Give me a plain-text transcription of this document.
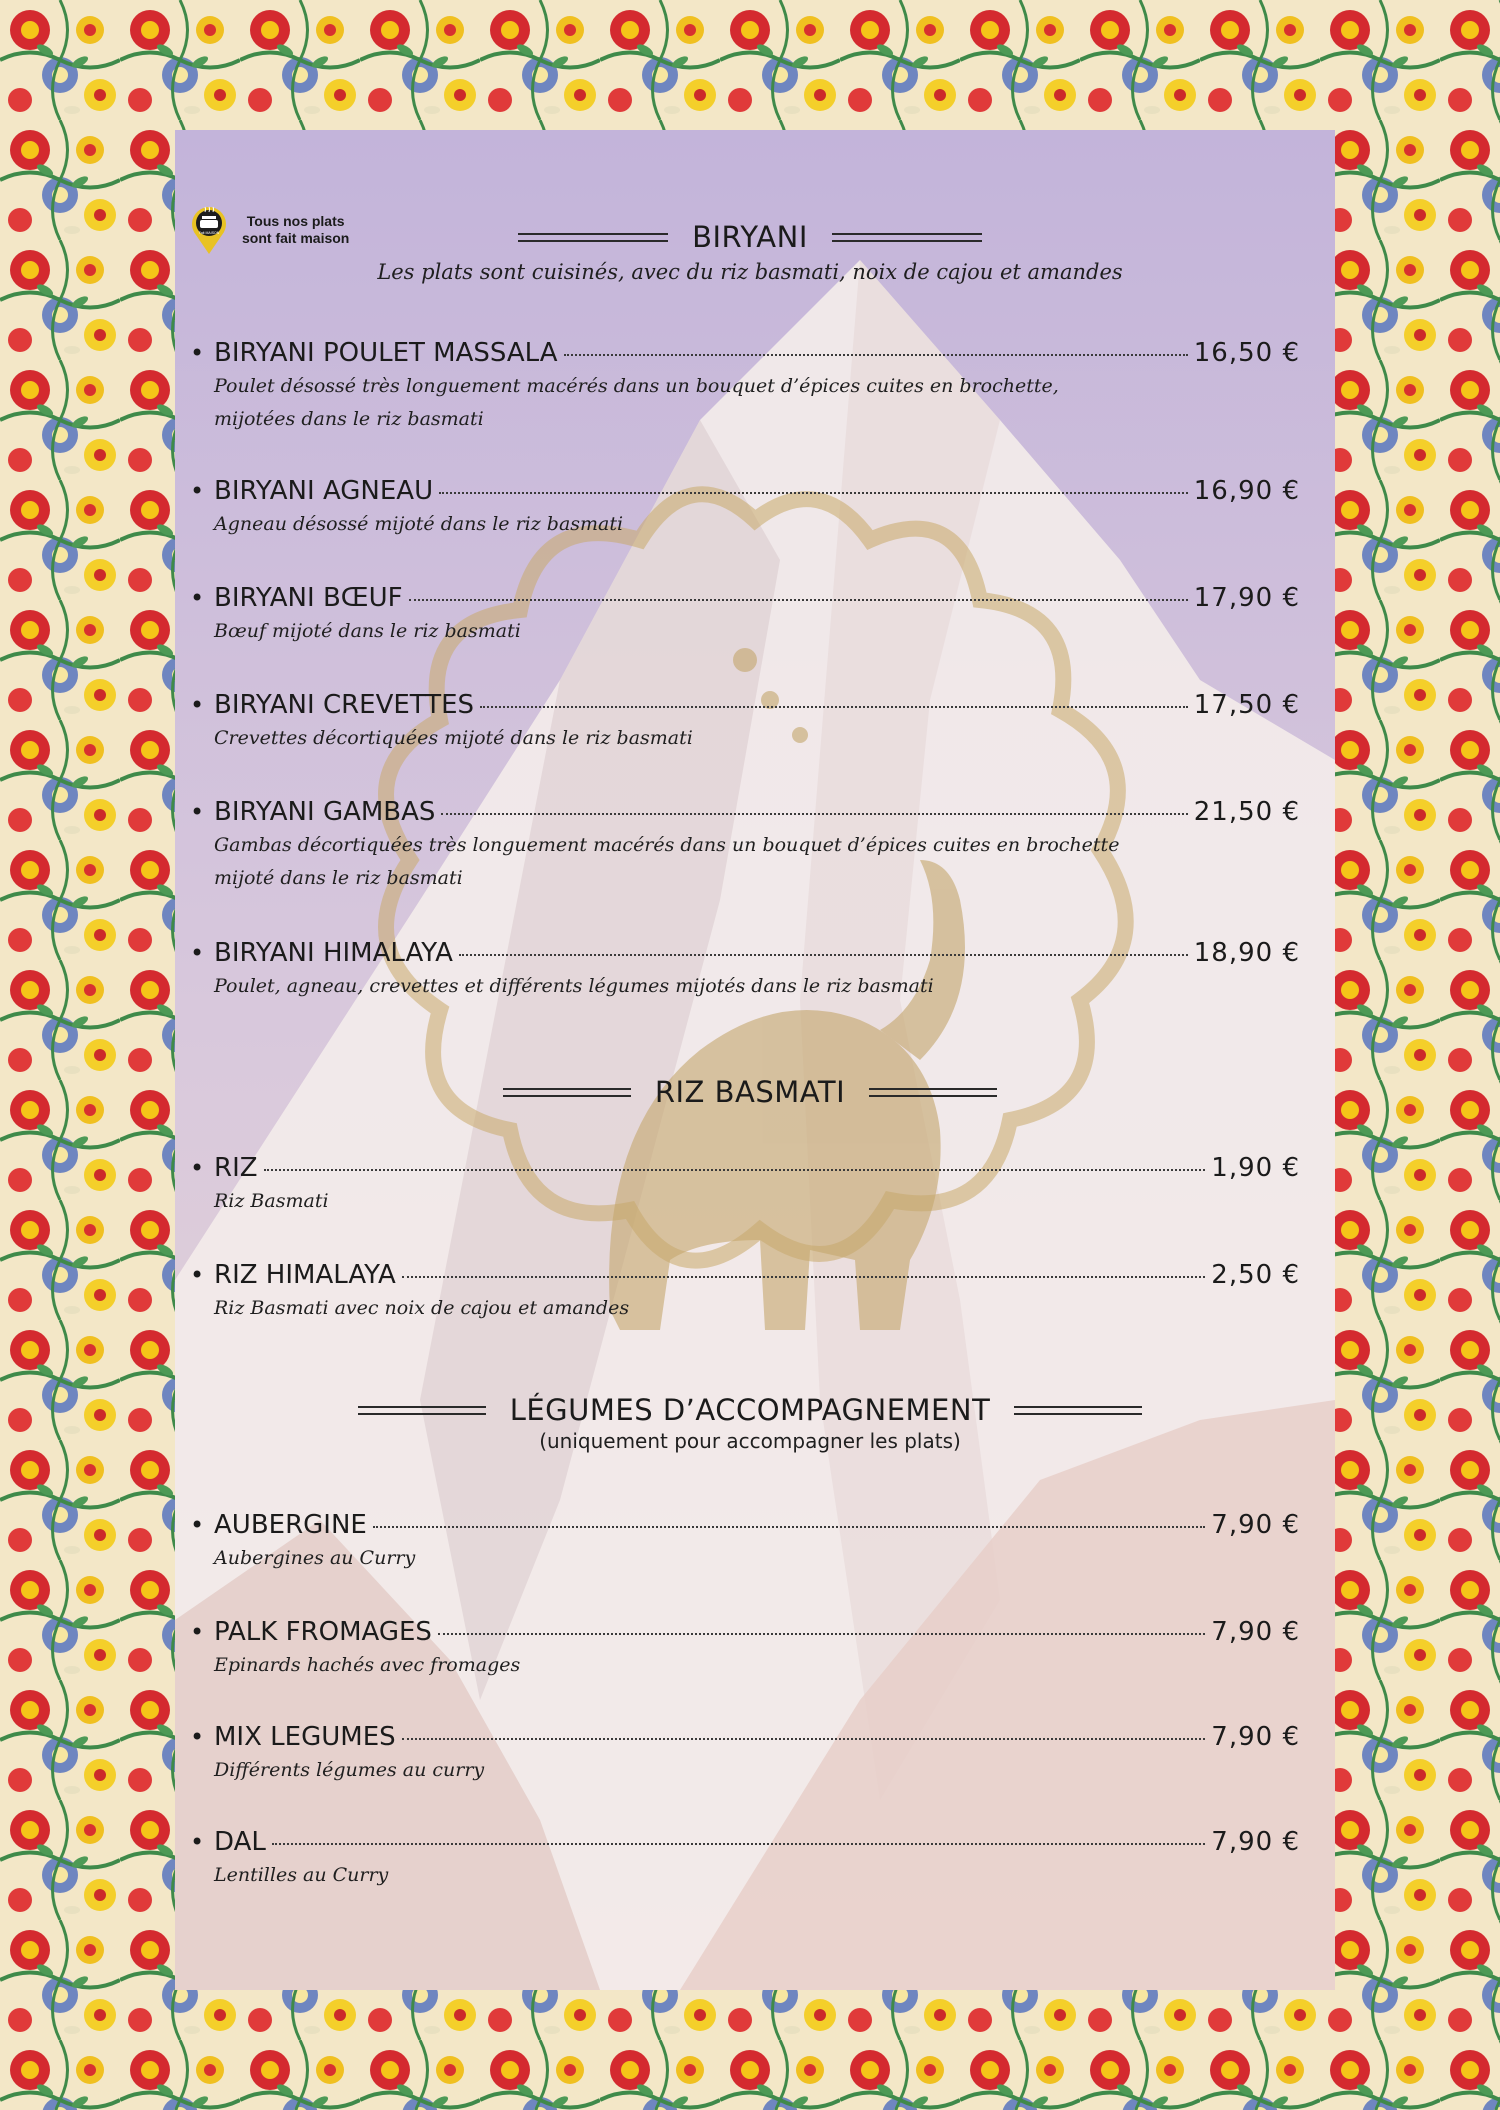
Fait MAISON
Tous nos plats
sont fait maison	BIRYANI
Les plats sont cuisinés, avec du riz basmati, noix de cajou et amandes
• BIRYANI POULET MASSALA	16,50 €
Poulet désossé très longuement macérés dans un bouquet d’épices cuites en brochette, mijotées dans le riz basmati
• BIRYANI AGNEAU	16,90 €
Agneau désossé mijoté dans le riz basmati
• BIRYANI BŒUF	17,90 €
Bœuf mijoté dans le riz basmati
• BIRYANI CREVETTES	17,50 €
Crevettes décortiquées mijoté dans le riz basmati
• BIRYANI GAMBAS	21,50 €
Gambas décortiquées très longuement macérés dans un bouquet d’épices cuites en brochette mijoté dans le riz basmati
• BIRYANI HIMALAYA	18,90 €
Poulet, agneau, crevettes et différents légumes mijotés dans le riz basmati
RIZ BASMATI
• RIZ	1,90 €
Riz Basmati
• RIZ HIMALAYA	2,50 €
Riz Basmati avec noix de cajou et amandes
LÉGUMES D’ACCOMPAGNEMENT
(uniquement pour accompagner les plats)
• AUBERGINE	7,90 €
Aubergines au Curry
• PALK FROMAGES	7,90 €
Epinards hachés avec fromages
• MIX LEGUMES	7,90 €
Différents légumes au curry
• DAL	7,90 €
Lentilles au Curry
